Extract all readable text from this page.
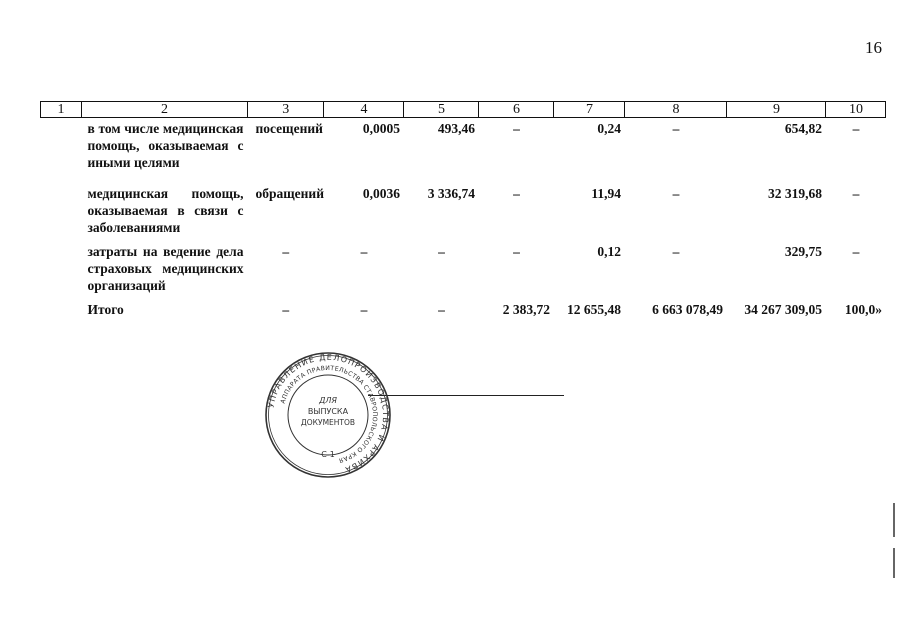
16
1	2	3	4	5	6	7	8	9	10
	в том числе медицинская помощь, оказываемая с иными целями	посещений	0,0005	493,46	–	0,24	–	654,82	–
	медицинская помощь, оказываемая в связи с заболеваниями	обращений	0,0036	3 336,74	–	11,94	–	32 319,68	–
	затраты на ведение дела страховых медицинских организаций	–	–	–	–	0,12	–	329,75	–
	Итого	–	–	–	2 383,72	12 655,48	6 663 078,49	34 267 309,05	100,0»
УПРАВЛЕНИЕ ДЕЛОПРОИЗВОДСТВА И АРХИВА
АППАРАТА ПРАВИТЕЛЬСТВА СТАВРОПОЛЬСКОГО КРАЯ
ДЛЯ
ВЫПУСКА
ДОКУМЕНТОВ
С-1
